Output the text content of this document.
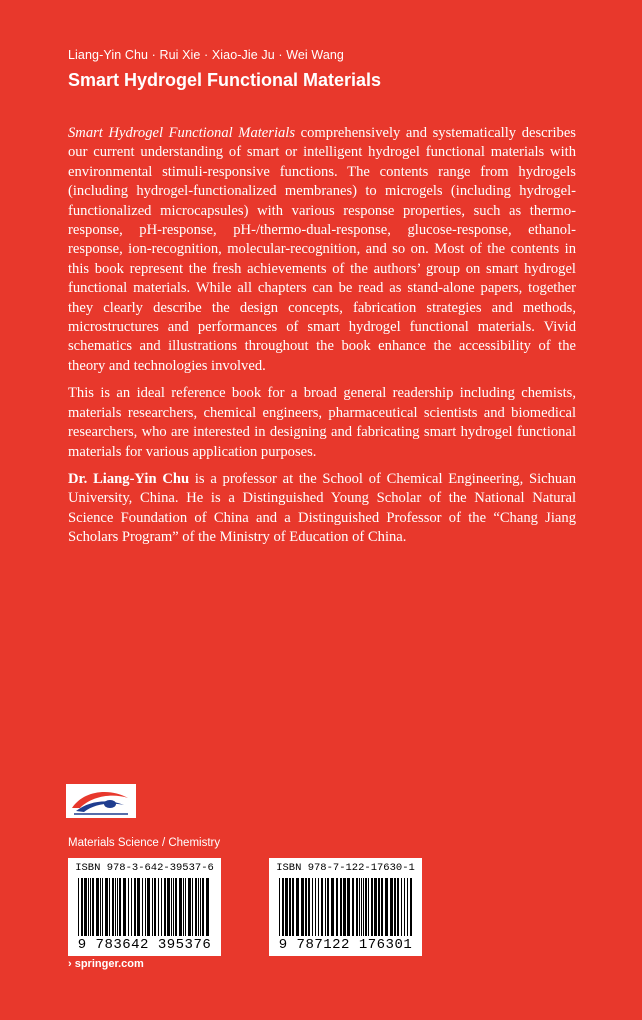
Liang-Yin Chu · Rui Xie · Xiao-Jie Ju · Wei Wang
Smart Hydrogel Functional Materials

Smart Hydrogel Functional Materials comprehensively and systematically describes our current understanding of smart or intelligent hydrogel functional materials with environmental stimuli-responsive functions. The contents range from hydrogels (including hydrogel-functionalized membranes) to microgels (including hydrogel-functionalized microcapsules) with various response properties, such as thermo-response, pH-response, pH-/thermo-dual-response, glucose-response, ethanol-response, ion-recognition, molecular-recognition, and so on. Most of the contents in this book represent the fresh achievements of the authors’ group on smart hydrogel functional materials. While all chapters can be read as stand-alone papers, together they clearly describe the design concepts, fabrication strategies and methods, microstructures and performances of smart hydrogel functional materials. Vivid schematics and illustrations throughout the book enhance the accessibility of the theory and technologies involved.

This is an ideal reference book for a broad general readership including chemists, materials researchers, chemical engineers, pharmaceutical scientists and biomedical researchers, who are interested in designing and fabricating smart hydrogel functional materials for various application purposes.

Dr. Liang-Yin Chu is a professor at the School of Chemical Engineering, Sichuan University, China. He is a Distinguished Young Scholar of the National Natural Science Foundation of China and a Distinguished Professor of the “Chang Jiang Scholars Program” of the Ministry of Education of China.

Materials Science / Chemistry
ISBN 978-3-642-39537-6
9 783642 395376
ISBN 978-7-122-17630-1
9 787122 176301
› springer.com
